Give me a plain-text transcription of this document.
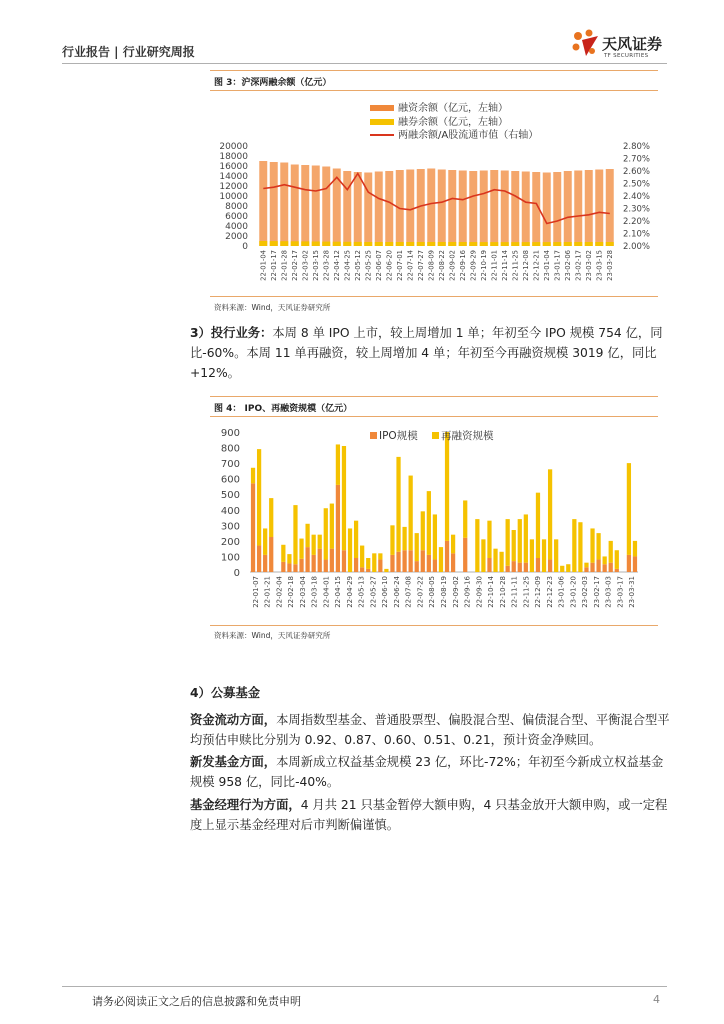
行业报告 | 行业研究周报	天风证券
TF SECURITIES
图 3：沪深两融余额（亿元）
20000
18000
16000
14000
12000
10000
8000
6000
4000
2000
0
2.80%
2.70%
2.60%
2.50%
2.40%
2.30%
2.20%
2.10%
2.00%
22-01-04 22-01-17 22-01-28 22-02-17 22-03-02 22-03-15 22-03-28 22-04-12 22-04-25 22-05-12 22-05-25 22-06-07 22-06-20 22-07-01 22-07-14 22-07-27 22-08-09 22-08-22 22-09-02 22-09-16 22-09-29 22-10-19 22-11-01 22-11-14 22-11-25 22-12-08 22-12-21 23-01-04 23-01-17 23-02-06 23-02-17 23-03-02 23-03-15 23-03-28
融资余额（亿元，左轴）
融券余额（亿元，左轴）
两融余额/A股流通市值（右轴）
资料来源：Wind，天风证券研究所
3）投行业务：本周 8 单 IPO 上市，较上周增加 1 单；年初至今 IPO 规模 754 亿，同比-60%。本周 11 单再融资，较上周增加 4 单；年初至今再融资规模 3019 亿，同比+12%。
图 4： IPO、再融资规模（亿元）
900
800
700
600
500
400
300
200
100
0
22-01-07 22-01-21 22-02-04 22-02-18 22-03-04 22-03-18 22-04-01 22-04-15 22-04-29 22-05-13 22-05-27 22-06-10 22-06-24 22-07-08 22-07-22 22-08-05 22-08-19 22-09-02 22-09-16 22-09-30 22-10-14 22-10-28 22-11-11 22-11-25 22-12-09 22-12-23 23-01-06 23-01-20 23-02-03 23-02-17 23-03-03 23-03-17 23-03-31
IPO规模 再融资规模
资料来源：Wind，天风证券研究所
4）公募基金
资金流动方面，本周指数型基金、普通股票型、偏股混合型、偏债混合型、平衡混合型平均预估申赎比分别为 0.92、0.87、0.60、0.51、0.21，预计资金净赎回。
新发基金方面，本周新成立权益基金规模 23 亿，环比-72%；年初至今新成立权益基金规模 958 亿，同比-40%。
基金经理行为方面，4 月共 21 只基金暂停大额申购，4 只基金放开大额申购，或一定程度上显示基金经理对后市判断偏谨慎。
请务必阅读正文之后的信息披露和免责申明	4
